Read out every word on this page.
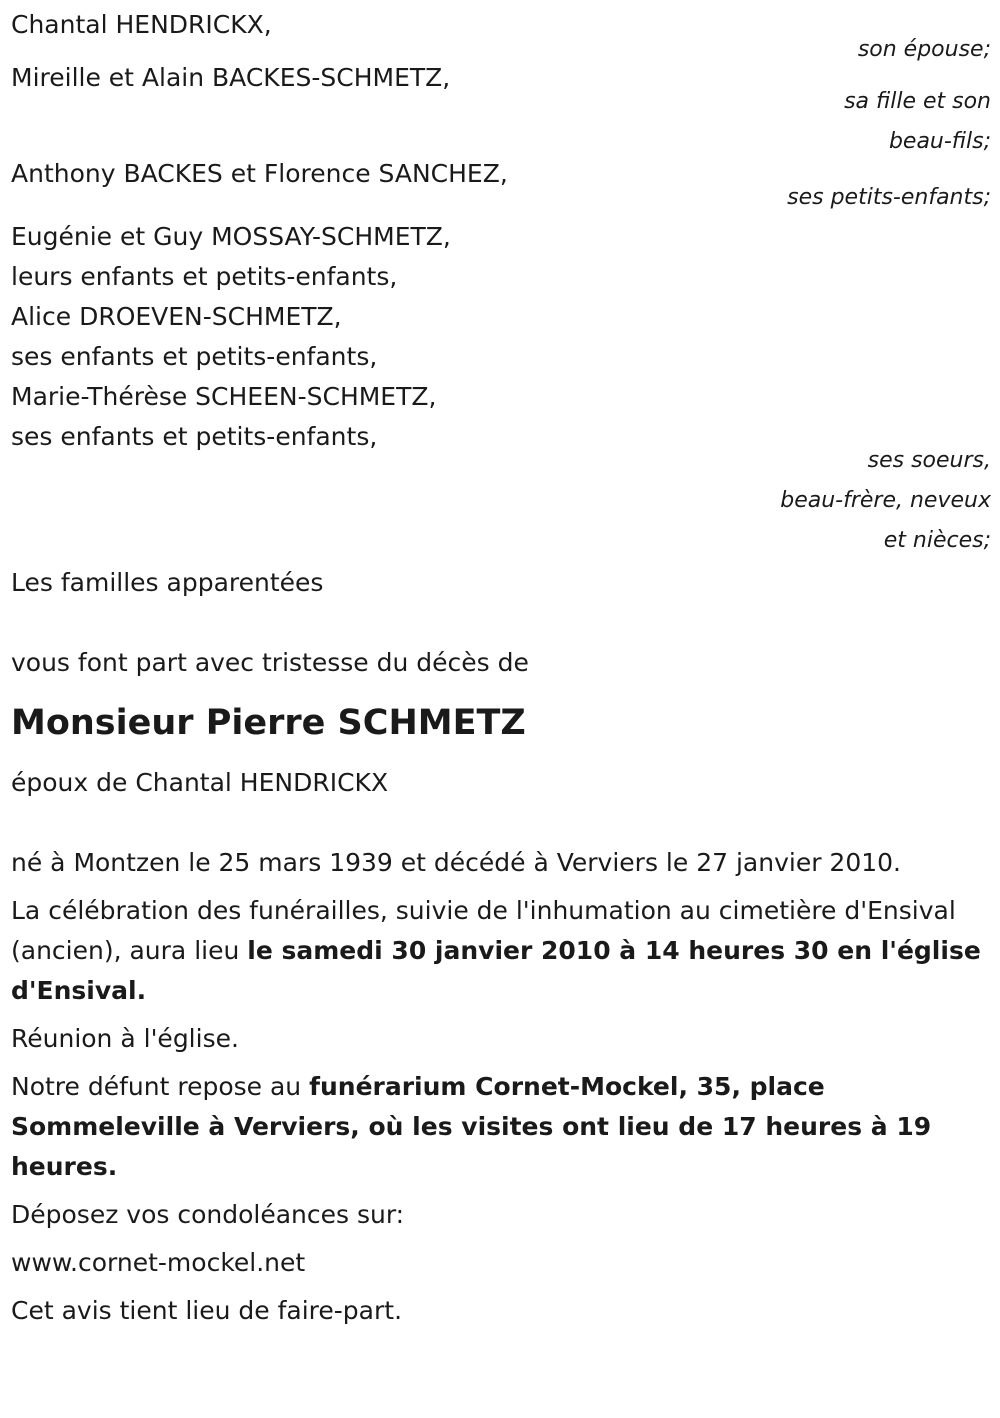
Chantal HENDRICKX,
son épouse;
Mireille et Alain BACKES-SCHMETZ,
sa fille et son
beau-fils;
Anthony BACKES et Florence SANCHEZ,
ses petits-enfants;
Eugénie et Guy MOSSAY-SCHMETZ,
leurs enfants et petits-enfants,
Alice DROEVEN-SCHMETZ,
ses enfants et petits-enfants,
Marie-Thérèse SCHEEN-SCHMETZ,
ses enfants et petits-enfants,
ses soeurs,
beau-frère, neveux
et nièces;
Les familles apparentées
vous font part avec tristesse du décès de
Monsieur Pierre SCHMETZ
époux de Chantal HENDRICKX
né à Montzen le 25 mars 1939 et décédé à Verviers le 27 janvier 2010.

La célébration des funérailles, suivie de l'inhumation au cimetière d'Ensival (ancien), aura lieu le samedi 30 janvier 2010 à 14 heures 30 en l'église d'Ensival.

Réunion à l'église.

Notre défunt repose au funérarium Cornet-Mockel, 35, place Sommeleville à Verviers, où les visites ont lieu de 17 heures à 19 heures.

Déposez vos condoléances sur:

www.cornet-mockel.net

Cet avis tient lieu de faire-part.
